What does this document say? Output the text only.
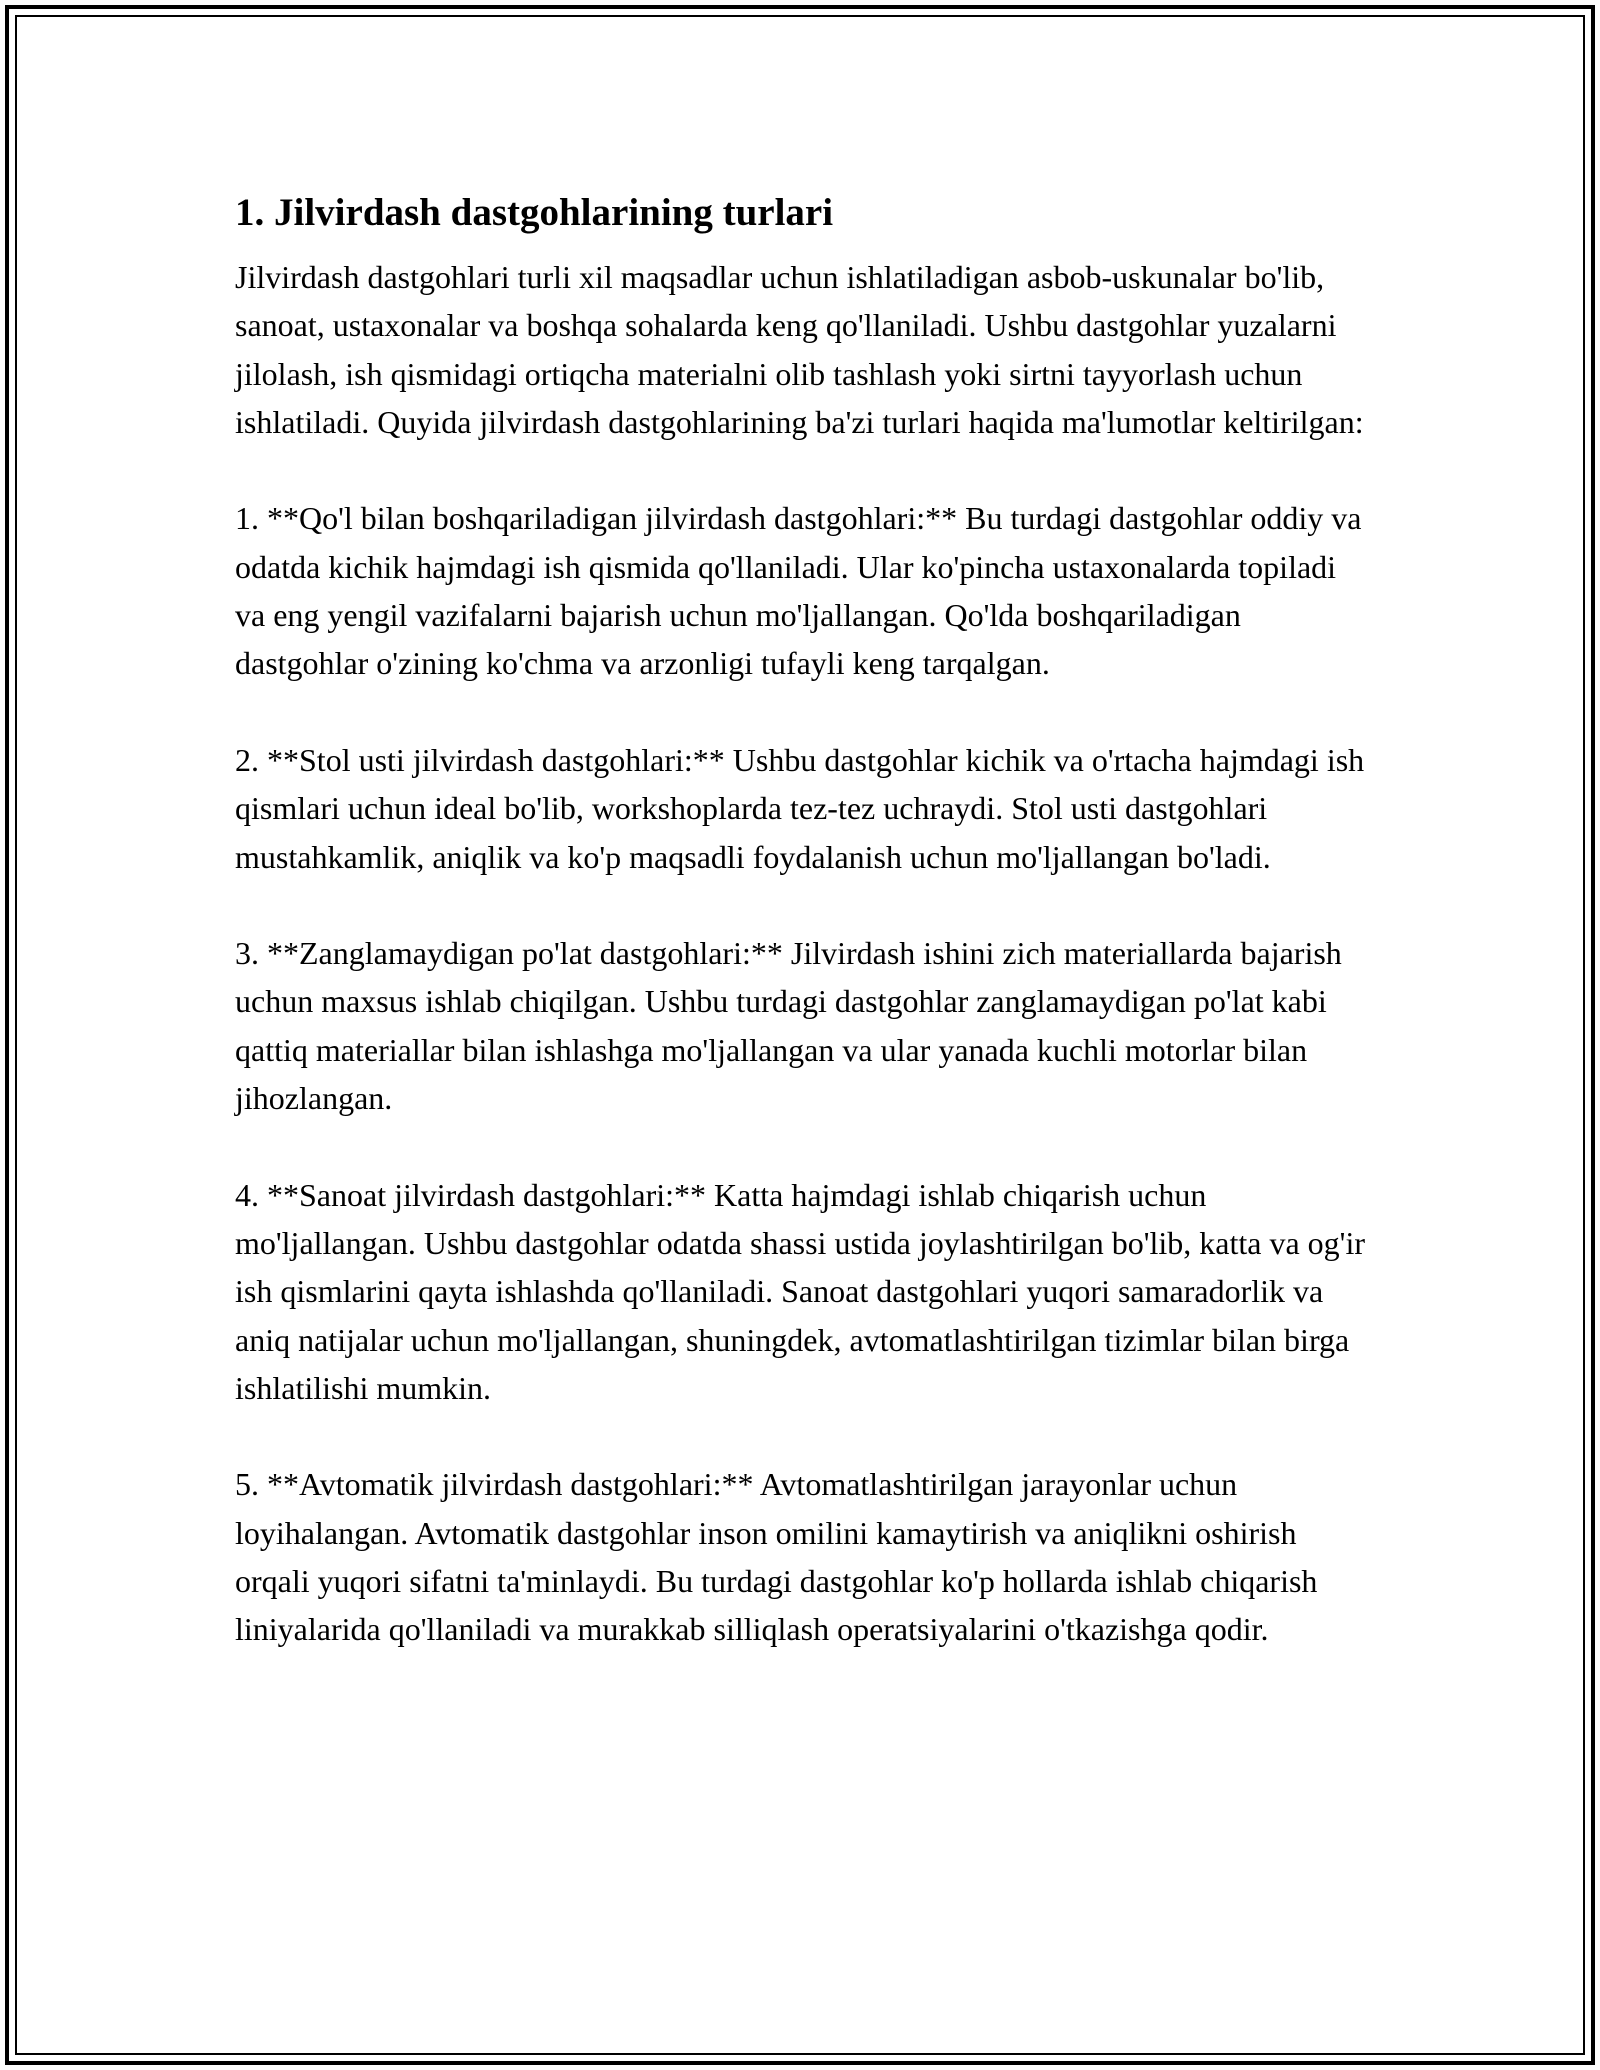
1. Jilvirdash dastgohlarining turlari

Jilvirdash dastgohlari turli xil maqsadlar uchun ishlatiladigan asbob-uskunalar bo'lib, sanoat, ustaxonalar va boshqa sohalarda keng qo'llaniladi. Ushbu dastgohlar yuzalarni jilolash, ish qismidagi ortiqcha materialni olib tashlash yoki sirtni tayyorlash uchun ishlatiladi. Quyida jilvirdash dastgohlarining ba'zi turlari haqida ma'lumotlar keltirilgan:

1. **Qo'l bilan boshqariladigan jilvirdash dastgohlari:** Bu turdagi dastgohlar oddiy va odatda kichik hajmdagi ish qismida qo'llaniladi. Ular ko'pincha ustaxonalarda topiladi va eng yengil vazifalarni bajarish uchun mo'ljallangan. Qo'lda boshqariladigan dastgohlar o'zining ko'chma va arzonligi tufayli keng tarqalgan.

2. **Stol usti jilvirdash dastgohlari:** Ushbu dastgohlar kichik va o'rtacha hajmdagi ish qismlari uchun ideal bo'lib, workshoplarda tez-tez uchraydi. Stol usti dastgohlari mustahkamlik, aniqlik va ko'p maqsadli foydalanish uchun mo'ljallangan bo'ladi.

3. **Zanglamaydigan po'lat dastgohlari:** Jilvirdash ishini zich materiallarda bajarish uchun maxsus ishlab chiqilgan. Ushbu turdagi dastgohlar zanglamaydigan po'lat kabi qattiq materiallar bilan ishlashga mo'ljallangan va ular yanada kuchli motorlar bilan jihozlangan.

4. **Sanoat jilvirdash dastgohlari:** Katta hajmdagi ishlab chiqarish uchun mo'ljallangan. Ushbu dastgohlar odatda shassi ustida joylashtirilgan bo'lib, katta va og'ir ish qismlarini qayta ishlashda qo'llaniladi. Sanoat dastgohlari yuqori samaradorlik va aniq natijalar uchun mo'ljallangan, shuningdek, avtomatlashtirilgan tizimlar bilan birga ishlatilishi mumkin.

5. **Avtomatik jilvirdash dastgohlari:** Avtomatlashtirilgan jarayonlar uchun loyihalangan. Avtomatik dastgohlar inson omilini kamaytirish va aniqlikni oshirish orqali yuqori sifatni ta'minlaydi. Bu turdagi dastgohlar ko'p hollarda ishlab chiqarish liniyalarida qo'llaniladi va murakkab silliqlash operatsiyalarini o'tkazishga qodir.
